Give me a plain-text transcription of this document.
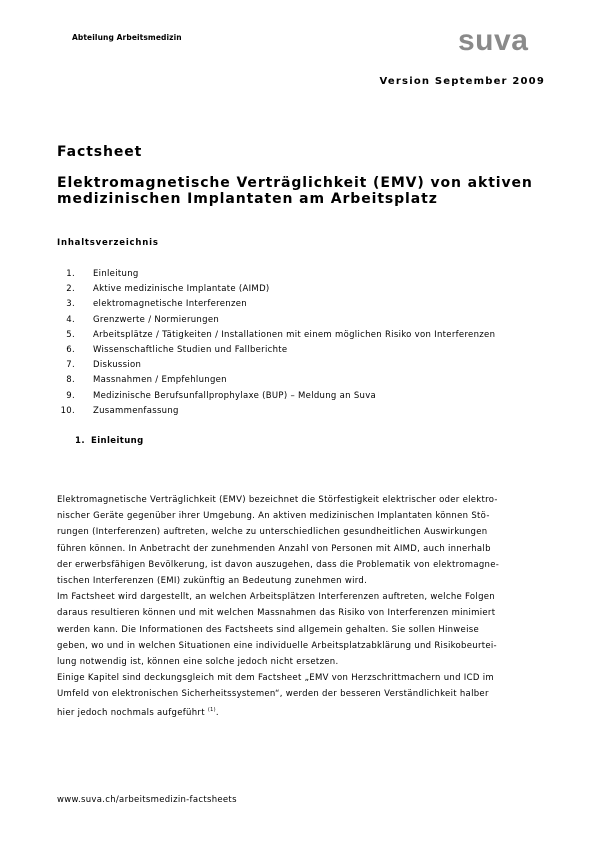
Abteilung Arbeitsmedizin	suva
Version September 2009
Factsheet
Elektromagnetische Verträglichkeit (EMV) von aktiven
medizinischen Implantaten am Arbeitsplatz
Inhaltsverzeichnis
1. Einleitung
2. Aktive medizinische Implantate (AIMD)
3. elektromagnetische Interferenzen
4. Grenzwerte / Normierungen
5. Arbeitsplätze / Tätigkeiten / Installationen mit einem möglichen Risiko von Interferenzen
6. Wissenschaftliche Studien und Fallberichte
7. Diskussion
8. Massnahmen / Empfehlungen
9. Medizinische Berufsunfallprophylaxe (BUP) – Meldung an Suva
10. Zusammenfassung
1. Einleitung
Elektromagnetische Verträglichkeit (EMV) bezeichnet die Störfestigkeit elektrischer oder elektro-
nischer Geräte gegenüber ihrer Umgebung. An aktiven medizinischen Implantaten können Stö-
rungen (Interferenzen) auftreten, welche zu unterschiedlichen gesundheitlichen Auswirkungen
führen können. In Anbetracht der zunehmenden Anzahl von Personen mit AIMD, auch innerhalb
der erwerbsfähigen Bevölkerung, ist davon auszugehen, dass die Problematik von elektromagne-
tischen Interferenzen (EMI) zukünftig an Bedeutung zunehmen wird.
Im Factsheet wird dargestellt, an welchen Arbeitsplätzen Interferenzen auftreten, welche Folgen
daraus resultieren können und mit welchen Massnahmen das Risiko von Interferenzen minimiert
werden kann. Die Informationen des Factsheets sind allgemein gehalten. Sie sollen Hinweise
geben, wo und in welchen Situationen eine individuelle Arbeitsplatzabklärung und Risikobeurtei-
lung notwendig ist, können eine solche jedoch nicht ersetzen.
Einige Kapitel sind deckungsgleich mit dem Factsheet „EMV von Herzschrittmachern und ICD im
Umfeld von elektronischen Sicherheitssystemen“, werden der besseren Verständlichkeit halber
hier jedoch nochmals aufgeführt $^{(1)}$.
www.suva.ch/arbeitsmedizin-factsheets
